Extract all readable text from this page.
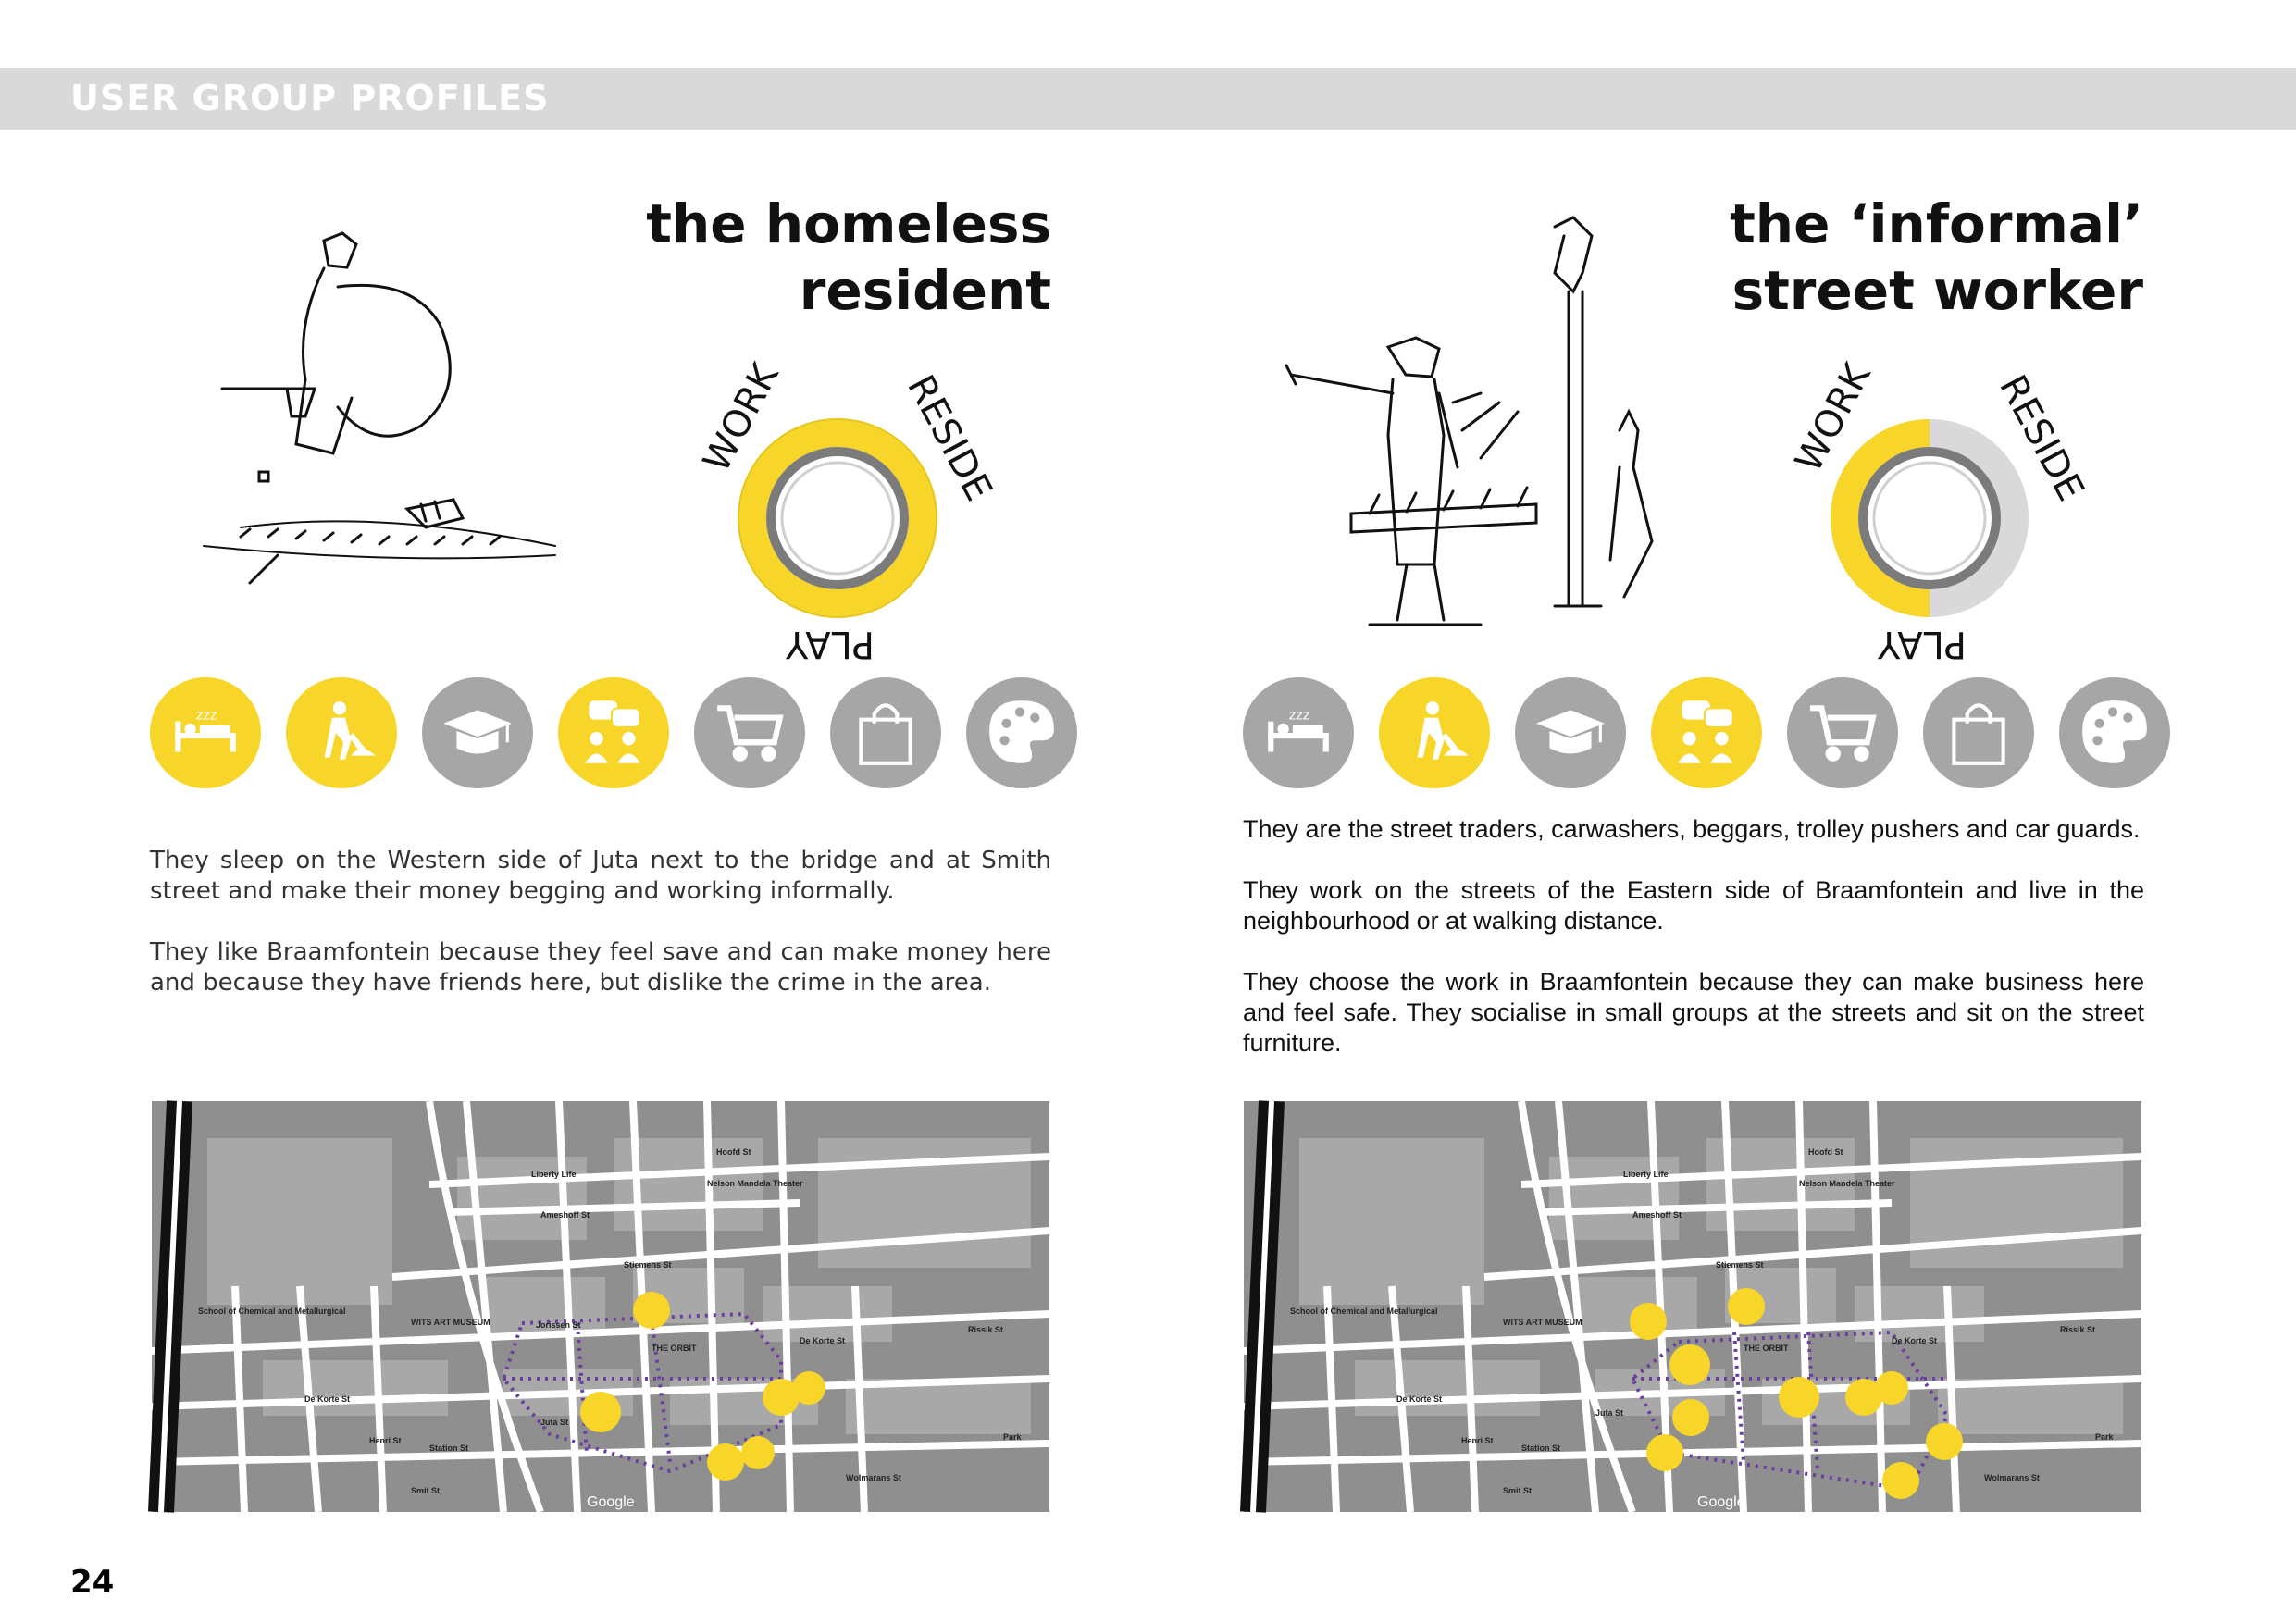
USER GROUP PROFILES
the homeless
resident
WORK	RESIDE
PLAY
zzz

They sleep on the Western side of Juta next to the bridge and at Smith street and make their money begging and working informally.

They like Braamfontein because they feel save and can make money here and because they have friends here, but dislike the crime in the area.

Hoofd St
Liberty Life
Nelson Mandela Theater
Ameshoff St
Stiemens St
School of Chemical and Metallurgical
WITS ART MUSEUM	Jorissen St
THE ORBIT
De Korte St
De Korte St
Juta St
Henri St
Station St
Smit St
Wolmarans St
Park
Rissik St
Google
the ‘informal’
street worker
WORK	RESIDE
PLAY
zzz

They are the street traders, carwashers, beggars, trolley pushers and car guards.

They work on the streets of the Eastern side of Braamfontein and live in the neighbourhood or at walking distance.

They choose the work in Braamfontein because they can make business here and feel safe. They socialise in small groups at the streets and sit on the street furniture.

Hoofd St
Liberty Life
Nelson Mandela Theater
Ameshoff St
Stiemens St
School of Chemical and Metallurgical
WITS ART MUSEUM
THE ORBIT
De Korte St
De Korte St
Juta St
Henri St
Station St
Smit St
Wolmarans St
Park
Rissik St
Google
24
